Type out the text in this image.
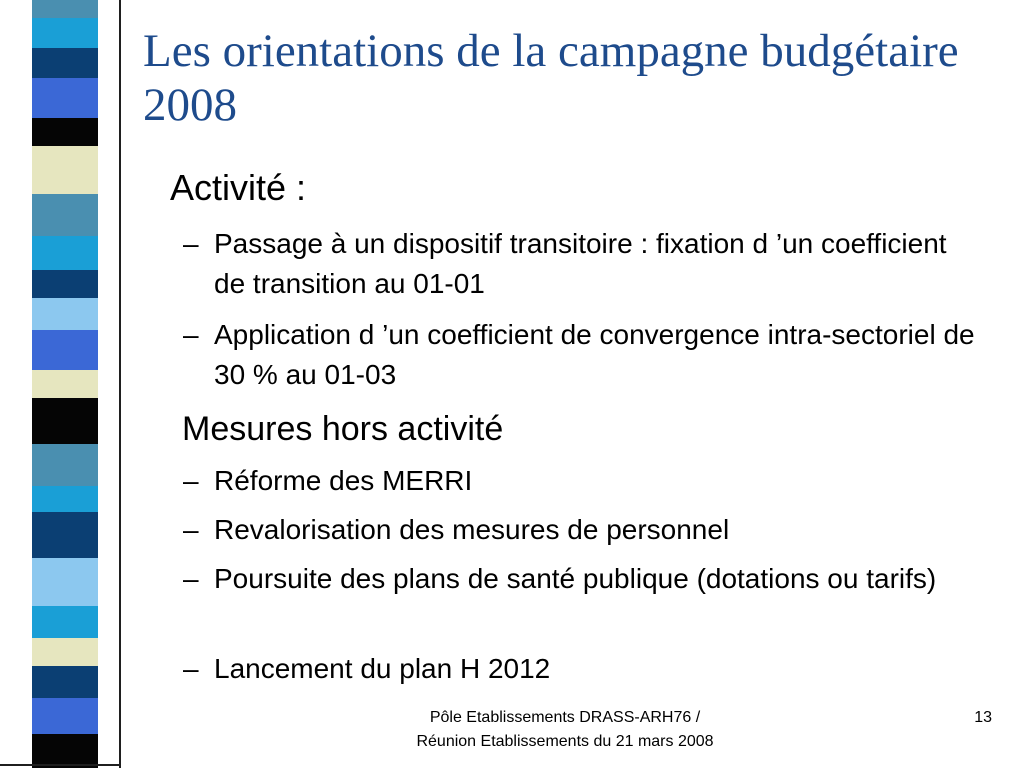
Les orientations de la campagne budgétaire 2008
Activité :
– Passage à un dispositif transitoire : fixation d ’un coefficient de transition au 01-01
– Application d ’un coefficient de convergence intra-sectoriel de 30 % au 01-03
Mesures hors activité
– Réforme des MERRI
– Revalorisation des mesures de personnel
– Poursuite des plans de santé publique (dotations ou tarifs)
– Lancement du plan H 2012
Pôle Etablissements DRASS-ARH76 / Réunion Etablissements du 21 mars 2008
13
